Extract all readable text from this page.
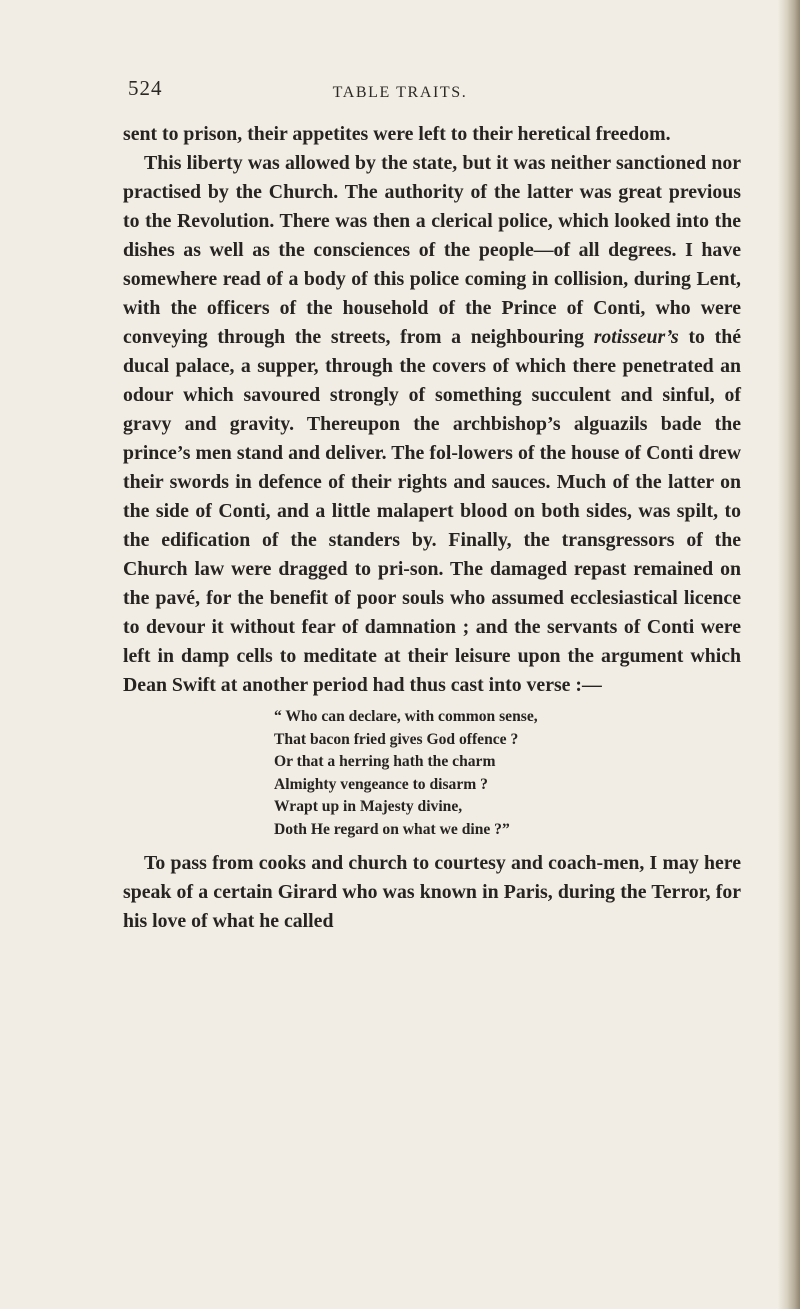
524	TABLE TRAITS.

sent to prison, their appetites were left to their heretical freedom.

This liberty was allowed by the state, but it was neither sanctioned nor practised by the Church. The authority of the latter was great previous to the Revolution. There was then a clerical police, which looked into the dishes as well as the consciences of the people—of all degrees. I have somewhere read of a body of this police coming in collision, during Lent, with the officers of the household of the Prince of Conti, who were conveying through the streets, from a neighbouring rotisseur’s to thé ducal palace, a supper, through the covers of which there penetrated an odour which savoured strongly of something succulent and sinful, of gravy and gravity. Thereupon the archbishop’s alguazils bade the prince’s men stand and deliver. The fol-lowers of the house of Conti drew their swords in defence of their rights and sauces. Much of the latter on the side of Conti, and a little malapert blood on both sides, was spilt, to the edification of the standers by. Finally, the transgressors of the Church law were dragged to pri-son. The damaged repast remained on the pavé, for the benefit of poor souls who assumed ecclesiastical licence to devour it without fear of damnation ; and the servants of Conti were left in damp cells to meditate at their leisure upon the argument which Dean Swift at another period had thus cast into verse :—

“ Who can declare, with common sense,
That bacon fried gives God offence ?
Or that a herring hath the charm
Almighty vengeance to disarm ?
Wrapt up in Majesty divine,
Doth He regard on what we dine ?”

To pass from cooks and church to courtesy and coach-men, I may here speak of a certain Girard who was known in Paris, during the Terror, for his love of what he called
